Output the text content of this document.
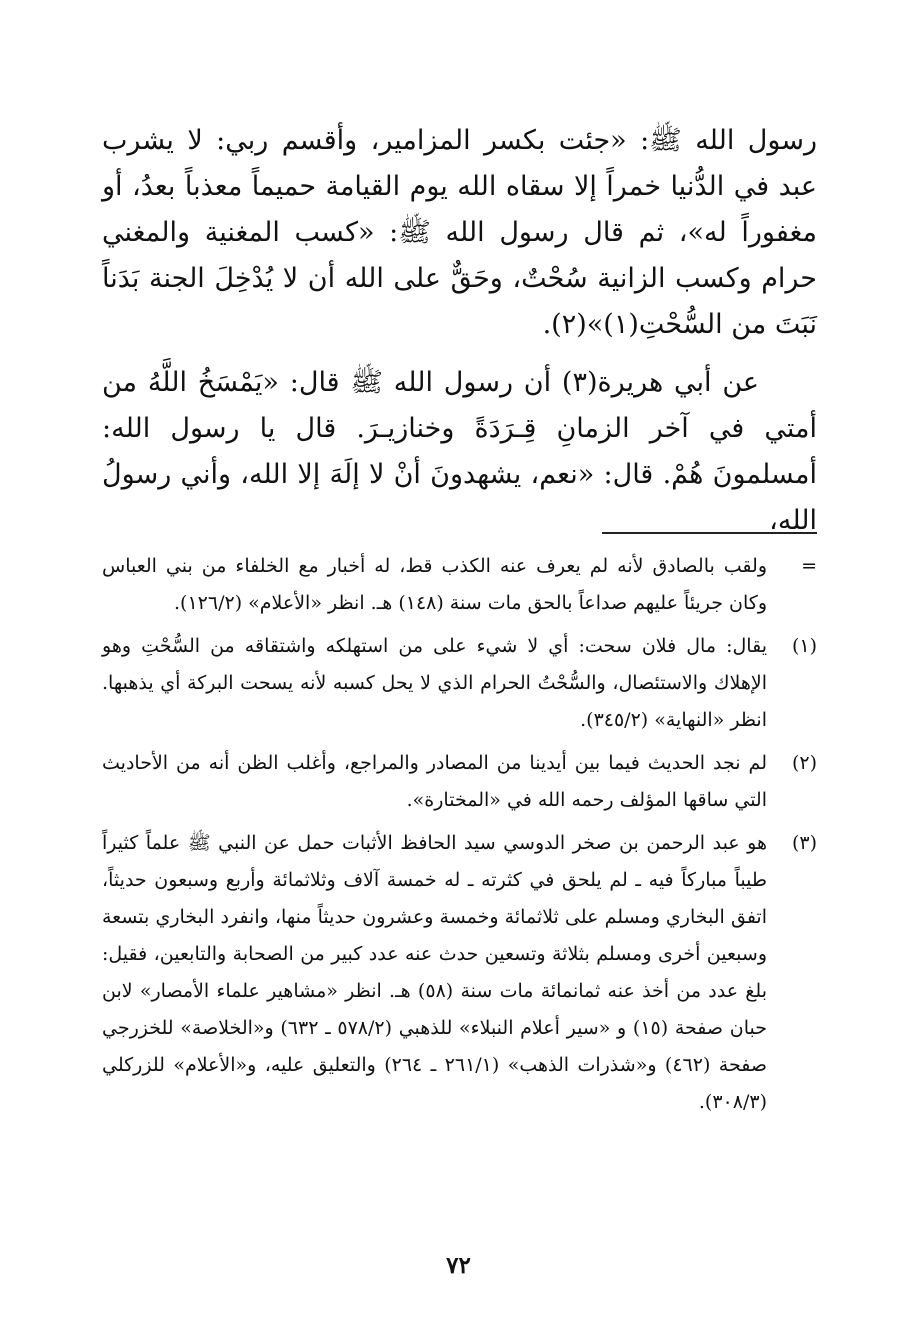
رسول الله ﷺ: «جئت بكسر المزامير، وأقسم ربي: لا يشرب عبد في الدُّنيا خمراً إلا سقاه الله يوم القيامة حميماً معذباً بعدُ، أو مغفوراً له»، ثم قال رسول الله ﷺ: «كسب المغنية والمغني حرام وكسب الزانية سُحْتٌ، وحَقٌّ على الله أن لا يُدْخِلَ الجنة بَدَناً نَبَتَ من السُّحْتِ(١)»(٢).

عن أبي هريرة(٣) أن رسول الله ﷺ قال: «يَمْسَخُ اللَّهُ من أمتي في آخر الزمانِ قِـرَدَةً وخنازيـرَ. قال يا رسول الله: أمسلمونَ هُمْ. قال: «نعم، يشهدونَ أنْ لا إلَهَ إلا الله، وأني رسولُ الله،

=
ولقب بالصادق لأنه لم يعرف عنه الكذب قط، له أخبار مع الخلفاء من بني العباس وكان جريئاً عليهم صداعاً بالحق مات سنة (١٤٨) هـ. انظر «الأعلام» (١٢٦/٢).
(١)
يقال: مال فلان سحت: أي لا شيء على من استهلكه واشتقاقه من السُّحْتِ وهو الإهلاك والاستئصال، والسُّحْتُ الحرام الذي لا يحل كسبه لأنه يسحت البركة أي يذهبها. انظر «النهاية» (٣٤٥/٢).
(٢)
لم نجد الحديث فيما بين أيدينا من المصادر والمراجع، وأغلب الظن أنه من الأحاديث التي ساقها المؤلف رحمه الله في «المختارة».
(٣)
هو عبد الرحمن بن صخر الدوسي سيد الحافظ الأثبات حمل عن النبي ﷺ علماً كثيراً طيباً مباركاً فيه ـ لم يلحق في كثرته ـ له خمسة آلاف وثلاثمائة وأربع وسبعون حديثاً، اتفق البخاري ومسلم على ثلاثمائة وخمسة وعشرون حديثاً منها، وانفرد البخاري بتسعة وسبعين أخرى ومسلم بثلاثة وتسعين حدث عنه عدد كبير من الصحابة والتابعين، فقيل: بلغ عدد من أخذ عنه ثمانمائة مات سنة (٥٨) هـ. انظر «مشاهير علماء الأمصار» لابن حبان صفحة (١٥) و «سير أعلام النبلاء» للذهبي (٥٧٨/٢ ـ ٦٣٢) و«الخلاصة» للخزرجي صفحة (٤٦٢) و«شذرات الذهب» (٢٦١/١ ـ ٢٦٤) والتعليق عليه، و«الأعلام» للزركلي (٣٠٨/٣).
٧٢
